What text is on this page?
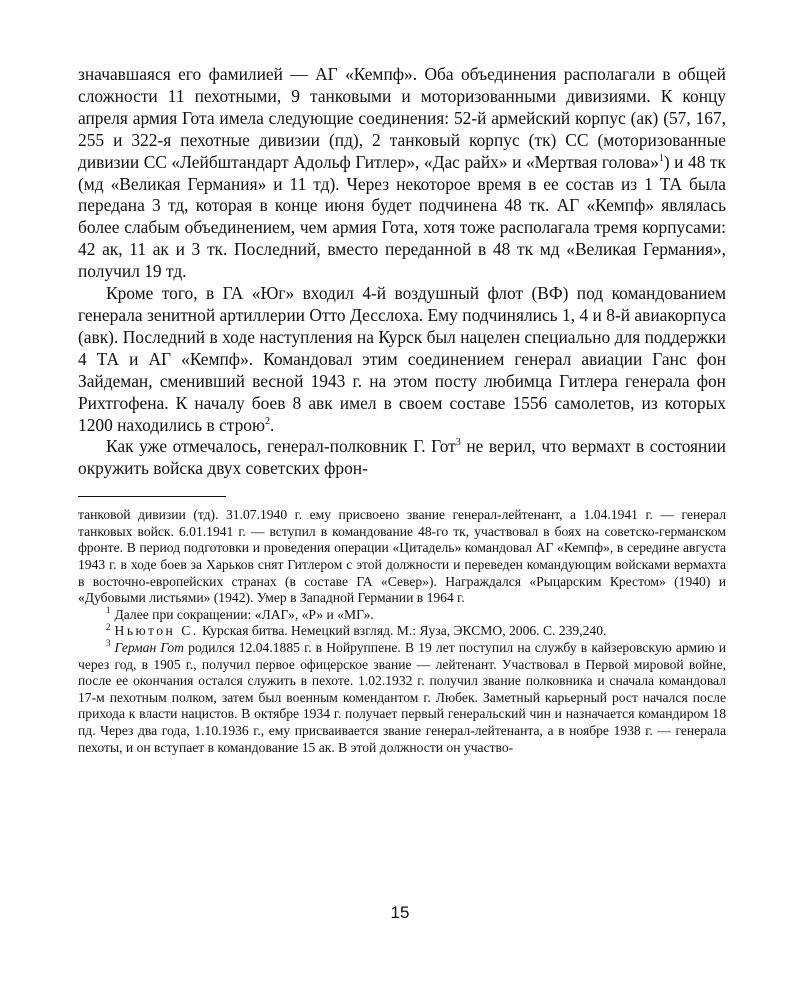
значавшаяся его фамилией — АГ «Кемпф». Оба объединения располагали в общей сложности 11 пехотными, 9 танковыми и моторизованными дивизиями. К концу апреля армия Гота имела следующие соединения: 52-й армейский корпус (ак) (57, 167, 255 и 322-я пехотные дивизии (пд), 2 танковый корпус (тк) СС (моторизованные дивизии СС «Лейбштандарт Адольф Гитлер», «Дас райх» и «Мертвая голова»$^1$) и 48 тк (мд «Великая Германия» и 11 тд). Через некоторое время в ее состав из 1 ТА была передана 3 тд, которая в конце июня будет подчинена 48 тк. АГ «Кемпф» являлась более слабым объединением, чем армия Гота, хотя тоже располагала тремя корпусами: 42 ак, 11 ак и 3 тк. Последний, вместо переданной в 48 тк мд «Великая Германия», получил 19 тд.

Кроме того, в ГА «Юг» входил 4-й воздушный флот (ВФ) под командованием генерала зенитной артиллерии Отто Десслоха. Ему подчинялись 1, 4 и 8-й авиакорпуса (авк). Последний в ходе наступления на Курск был нацелен специально для поддержки 4 ТА и АГ «Кемпф». Командовал этим соединением генерал авиации Ганс фон Зайдеман, сменивший весной 1943 г. на этом посту любимца Гитлера генерала фон Рихтгофена. К началу боев 8 авк имел в своем составе 1556 самолетов, из которых 1200 находились в строю$^2$.

Как уже отмечалось, генерал-полковник Г. Гот$^3$ не верил, что вермахт в состоянии окружить войска двух советских фрон-

танковой дивизии (тд). 31.07.1940 г. ему присвоено звание генерал-лейтенант, а 1.04.1941 г. — генерал танковых войск. 6.01.1941 г. — вступил в командование 48-го тк, участвовал в боях на советско-германском фронте. В период подготовки и проведения операции «Цитадель» командовал АГ «Кемпф», в середине августа 1943 г. в ходе боев за Харьков снят Гитлером с этой должности и переведен командующим войсками вермахта в восточно-европейских странах (в составе ГА «Север»). Награждался «Рыцарским Крестом» (1940) и «Дубовыми листьями» (1942). Умер в Западной Германии в 1964 г.

$^1$ Далее при сокращении: «ЛАГ», «Р» и «МГ».

$^2$ Ньютон С. Курская битва. Немецкий взгляд. М.: Яуза, ЭКСМО, 2006. С. 239,240.

$^3$ Герман Гот родился 12.04.1885 г. в Нойруппене. В 19 лет поступил на службу в кайзеровскую армию и через год, в 1905 г., получил первое офицерское звание — лейтенант. Участвовал в Первой мировой войне, после ее окончания остался служить в пехоте. 1.02.1932 г. получил звание полковника и сначала командовал 17-м пехотным полком, затем был военным комендантом г. Любек. Заметный карьерный рост начался после прихода к власти нацистов. В октябре 1934 г. получает первый генеральский чин и назначается командиром 18 пд. Через два года, 1.10.1936 г., ему присваивается звание генерал-лейтенанта, а в ноябре 1938 г. — генерала пехоты, и он вступает в командование 15 ак. В этой должности он участво-

15
